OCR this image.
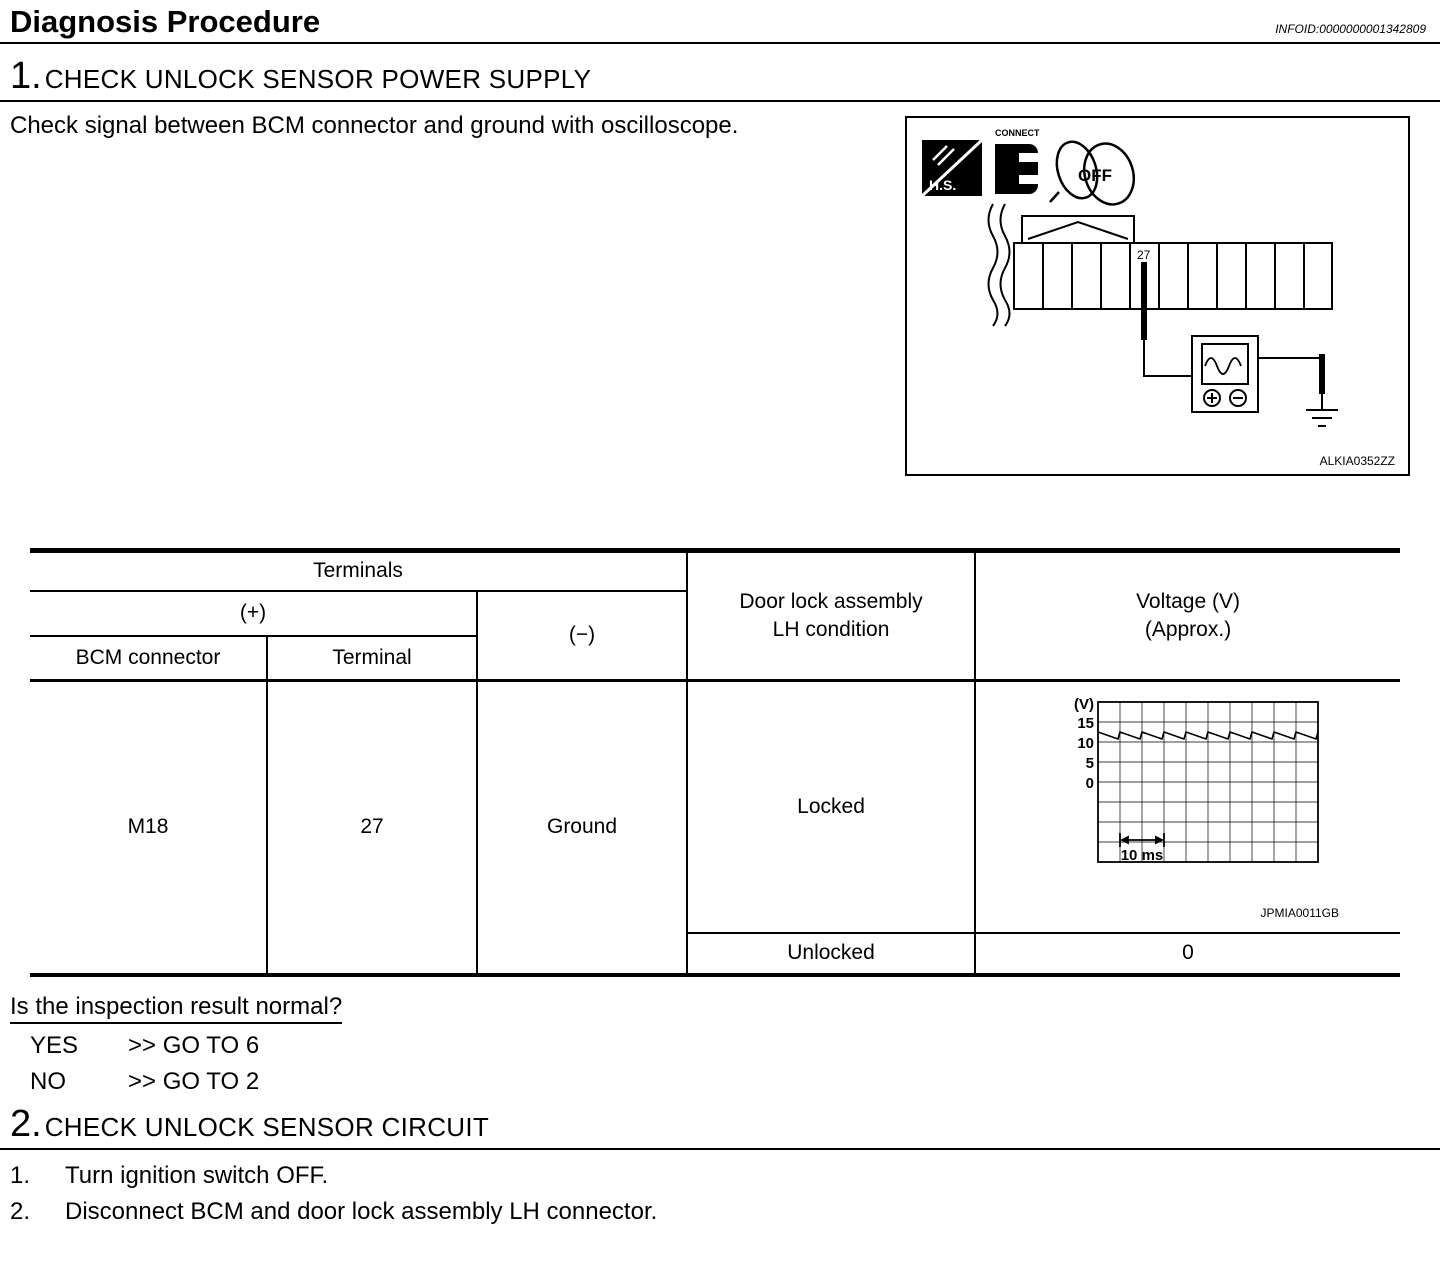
Diagnosis Procedure	INFOID:0000000001342809
1. CHECK UNLOCK SENSOR POWER SUPPLY
Check signal between BCM connector and ground with oscilloscope.
H.S.
CONNECT
OFF
27
ALKIA0352ZZ
Terminals	
Door lock assembly
LH condition

Voltage (V)
(Approx.)

(+)		(−)		
BCM connector	Terminal			
M18	27	Ground	Locked	
(V)
15
10
5
0
10 ms
JPMIA0011GB

			Unlocked	0
Is the inspection result normal?
YES	>> GO TO 6
NO	>> GO TO 2
2. CHECK UNLOCK SENSOR CIRCUIT
1.	Turn ignition switch OFF.
2.	Disconnect BCM and door lock assembly LH connector.
